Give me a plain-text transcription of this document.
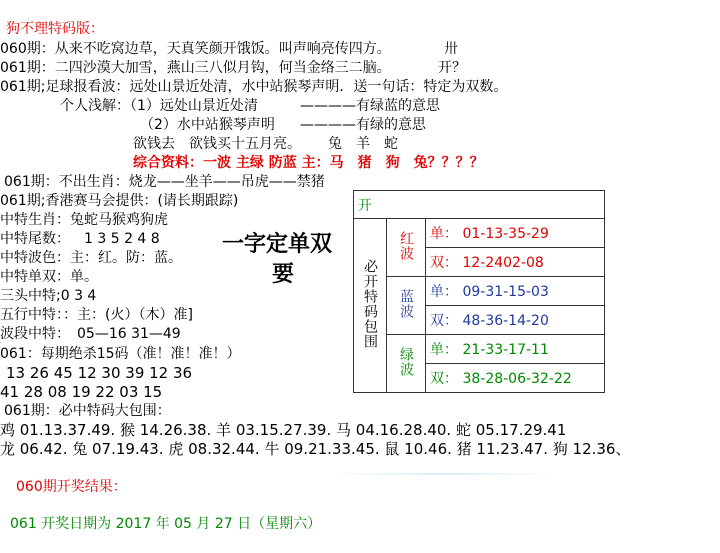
狗不理特码版：
060期：从来不吃窝边草，天真笑颜开饿饭。叫声响亮传四方。	卅
061期：二四沙漠大加雪，燕山三八似月钩，何当金络三二脑。	开？
061期;足球报看波：远处山景近处清，水中站猴琴声明．送一句话：特定为双数。
个人浅解：（1）远处山景近处清	————有绿蓝的意思
（2）水中站猴琴声明 ————有绿的意思
欲钱去　欲钱买十五月亮。 兔　羊　蛇
综合资料：一波 主绿 防蓝 主：马　猪　狗　兔？？？？
061期：不出生肖：烧龙——坐羊——吊虎——禁猪
061期;香港赛马会提供：(请长期跟踪)
中特生肖：兔蛇马猴鸡狗虎
中特尾数： 1 3 5 2 4 8
中特波色：主：红。防：蓝。
中特单双：单。
三头中特;0 3 4
五行中特：：主：(火）（木）准]
波段中特：　05—16 31—49
061：每期绝杀15码（准！准！准！）
13 26 45 12 30 39 12 36
41 28 08 19 22 03 15
061期：必中特码大包围：
鸡 01.13.37.49. 猴 14.26.38. 羊 03.15.27.39. 马 04.16.28.40. 蛇 05.17.29.41
龙 06.42. 兔 07.19.43. 虎 08.32.44. 牛 09.21.33.45. 鼠 10.46. 猪 11.23.47. 狗 12.36、
060期开奖结果：
061 开奖日期为 2017 年 05 月 27 日（星期六）
一字定单双
要
开		
必开特码包围	红波	单： 01-13-35-29
		双： 12-2402-08
	蓝波	单： 09-31-15-03
		双： 48-36-14-20
	绿波	单： 21-33-17-11
		双： 38-28-06-32-22
